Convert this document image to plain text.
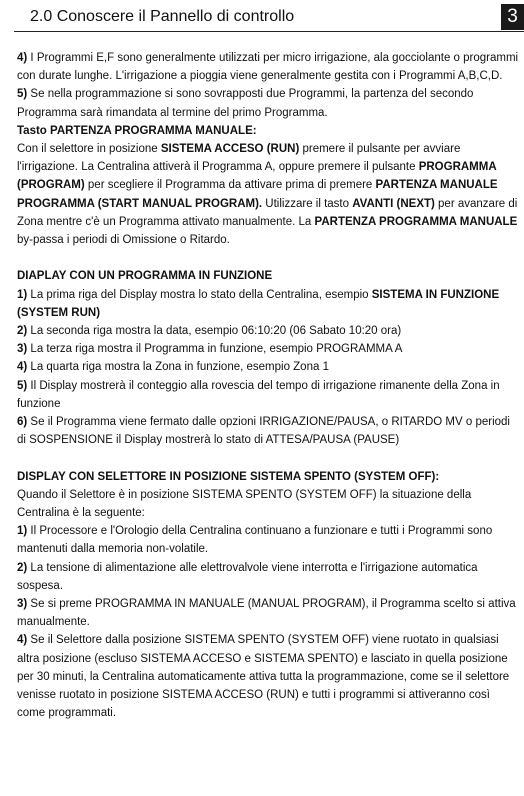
2.0 Conoscere il Pannello di controllo	3

4) I Programmi E,F sono generalmente utilizzati per micro irrigazione, ala gocciolante o programmi con durate lunghe. L'irrigazione a pioggia viene generalmente gestita con i Programmi A,B,C,D.

5) Se nella programmazione si sono sovrapposti due Programmi, la partenza del secondo Programma sarà rimandata al termine del primo Programma.

Tasto PARTENZA PROGRAMMA MANUALE:

Con il selettore in posizione SISTEMA ACCESO (RUN) premere il pulsante per avviare l'irrigazione. La Centralina attiverà il Programma A, oppure premere il pulsante PROGRAMMA (PROGRAM) per scegliere il Programma da attivare prima di premere PARTENZA MANUALE PROGRAMMA (START MANUAL PROGRAM). Utilizzare il tasto AVANTI (NEXT) per avanzare di Zona mentre c'è un Programma attivato manualmente. La PARTENZA PROGRAMMA MANUALE by-passa i periodi di Omissione o Ritardo.

DIAPLAY CON UN PROGRAMMA IN FUNZIONE

1) La prima riga del Display mostra lo stato della Centralina, esempio SISTEMA IN FUNZIONE (SYSTEM RUN)

2) La seconda riga mostra la data, esempio 06:10:20 (06 Sabato 10:20 ora)

3) La terza riga mostra il Programma in funzione, esempio PROGRAMMA A

4) La quarta riga mostra la Zona in funzione, esempio Zona 1

5) Il Display mostrerà il conteggio alla rovescia del tempo di irrigazione rimanente della Zona in funzione

6) Se il Programma viene fermato dalle opzioni IRRIGAZIONE/PAUSA, o RITARDO MV o periodi di SOSPENSIONE il Display mostrerà lo stato di ATTESA/PAUSA (PAUSE)

DISPLAY CON SELETTORE IN POSIZIONE SISTEMA SPENTO (SYSTEM OFF):

Quando il Selettore è in posizione SISTEMA SPENTO (SYSTEM OFF) la situazione della Centralina è la seguente:

1) Il Processore e l'Orologio della Centralina continuano a funzionare e tutti i Programmi sono mantenuti dalla memoria non-volatile.

2) La tensione di alimentazione alle elettrovalvole viene interrotta e l'irrigazione automatica sospesa.

3) Se si preme PROGRAMMA IN MANUALE (MANUAL PROGRAM), il Programma scelto si attiva manualmente.

4) Se il Selettore dalla posizione SISTEMA SPENTO (SYSTEM OFF) viene ruotato in qualsiasi altra posizione (escluso SISTEMA ACCESO e SISTEMA SPENTO) e lasciato in quella posizione per 30 minuti, la Centralina automaticamente attiva tutta la programmazione, come se il selettore venisse ruotato in posizione SISTEMA ACCESO (RUN) e tutti i programmi si attiveranno così come programmati.
